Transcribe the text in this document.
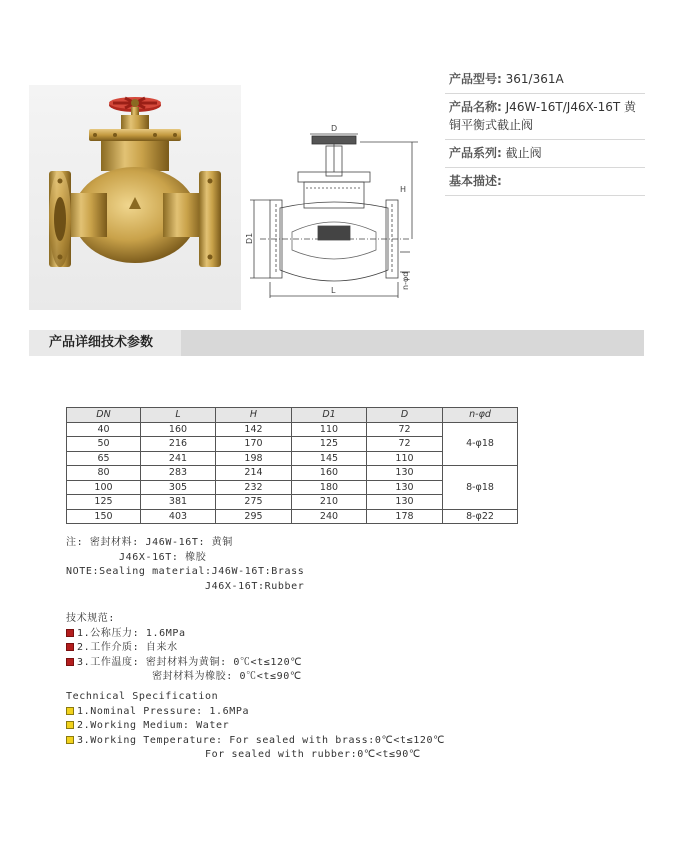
D
D1
H
n-φd
L
产品型号: 361/361A
产品名称: J46W-16T/J46X-16T 黄铜平衡式截止阀
产品系列: 截止阀
基本描述:
产品详细技术参数
DN	L	H	D1	D	n-φd
40	160	142	110	72	4-φ18
50	216	170	125	72	
65	241	198	145	110	
80	283	214	160	130	8-φ18
100	305	232	180	130	
125	381	275	210	130	
150	403	295	240	178	8-φ22
注: 密封材料: J46W-16T: 黄铜
J46X-16T: 橡胶
NOTE:Sealing material:J46W-16T:Brass
J46X-16T:Rubber
技术规范:
1.公称压力: 1.6MPa
2.工作介质: 自来水
3.工作温度: 密封材料为黄铜: 0℃<t≤120℃
密封材料为橡胶: 0℃<t≤90℃
Technical Specification
1.Nominal Pressure: 1.6MPa
2.Working Medium: Water
3.Working Temperature: For sealed with brass:0℃<t≤120℃
For sealed with rubber:0℃<t≤90℃
